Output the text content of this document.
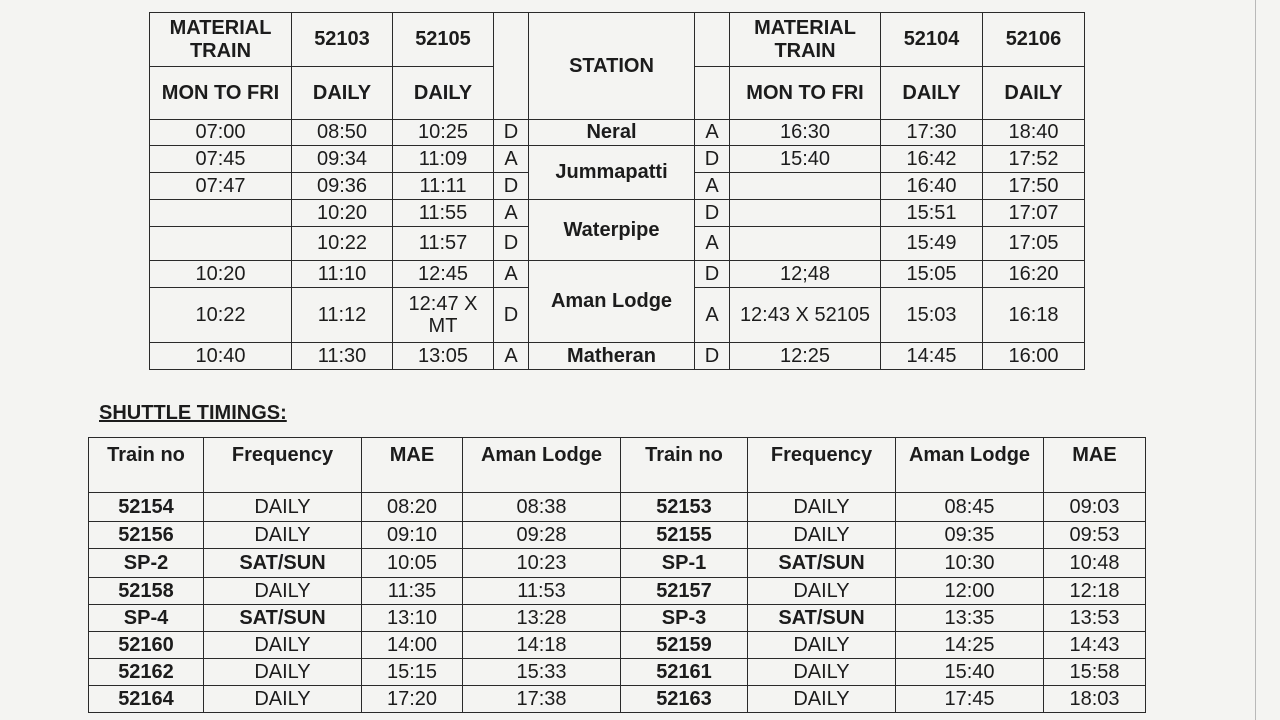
MATERIAL TRAIN	52103	52105		STATION		MATERIAL TRAIN	52104	52106
MON TO FRI	DAILY	DAILY				MON TO FRI	DAILY	DAILY
07:00	08:50	10:25	D	Neral	A	16:30	17:30	18:40
07:45	09:34	11:09	A	Jummapatti	D	15:40	16:42	17:52
07:47	09:36	11:11	D		A		16:40	17:50
	10:20	11:55	A	Waterpipe	D		15:51	17:07
	10:22	11:57	D		A		15:49	17:05
10:20	11:10	12:45	A	Aman Lodge	D	12;48	15:05	16:20
10:22	11:12	12:47 X MT	D		A	12:43 X 52105	15:03	16:18
10:40	11:30	13:05	A	Matheran	D	12:25	14:45	16:00
SHUTTLE TIMINGS:
Train no	Frequency	MAE	Aman Lodge	Train no	Frequency	Aman Lodge	MAE
52154	DAILY	08:20	08:38	52153	DAILY	08:45	09:03
52156	DAILY	09:10	09:28	52155	DAILY	09:35	09:53
SP-2	SAT/SUN	10:05	10:23	SP-1	SAT/SUN	10:30	10:48
52158	DAILY	11:35	11:53	52157	DAILY	12:00	12:18
SP-4	SAT/SUN	13:10	13:28	SP-3	SAT/SUN	13:35	13:53
52160	DAILY	14:00	14:18	52159	DAILY	14:25	14:43
52162	DAILY	15:15	15:33	52161	DAILY	15:40	15:58
52164	DAILY	17:20	17:38	52163	DAILY	17:45	18:03
